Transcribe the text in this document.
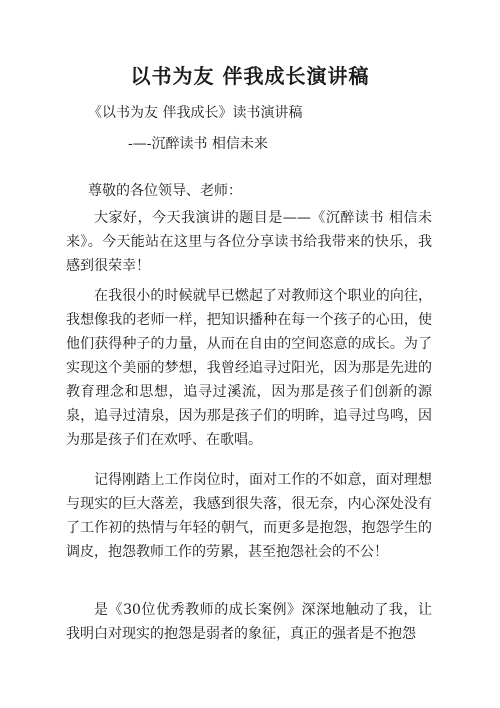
以书为友 伴我成长演讲稿
《以书为友 伴我成长》读书演讲稿
-—-沉醉读书 相信未来
尊敬的各位领导、老师：

大家好，今天我演讲的题目是——《沉醉读书 相信未来》。今天能站在这里与各位分享读书给我带来的快乐，我感到很荣幸！

在我很小的时候就早已燃起了对教师这个职业的向往，我想像我的老师一样，把知识播种在每一个孩子的心田，使他们获得种子的力量，从而在自由的空间恣意的成长。为了实现这个美丽的梦想，我曾经追寻过阳光，因为那是先进的教育理念和思想，追寻过溪流，因为那是孩子们创新的源泉，追寻过清泉，因为那是孩子们的明眸，追寻过鸟鸣，因为那是孩子们在欢呼、在歌唱。

记得刚踏上工作岗位时，面对工作的不如意，面对理想与现实的巨大落差，我感到很失落，很无奈，内心深处没有了工作初的热情与年轻的朝气，而更多是抱怨，抱怨学生的调皮，抱怨教师工作的劳累，甚至抱怨社会的不公！

是《30位优秀教师的成长案例》深深地触动了我，让我明白对现实的抱怨是弱者的象征，真正的强者是不抱怨
